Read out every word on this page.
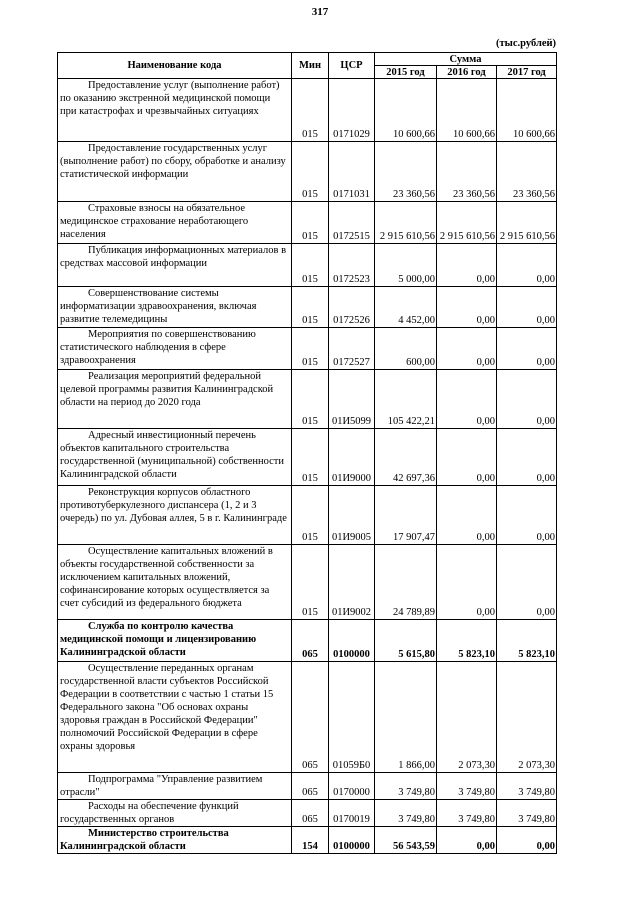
317
(тыс.рублей)
Наименование кода	Мин	ЦСР	Сумма		
			2015 год	2016 год	2017 год
Предоставление услуг (выполнение работ) по оказанию экстренной медицинской помощи при катастрофах и чрезвычайных ситуациях	015	0171029	10 600,66	10 600,66	10 600,66
Предоставление государственных услуг (выполнение работ) по сбору, обработке и анализу статистической информации	015	0171031	23 360,56	23 360,56	23 360,56
Страховые взносы на обязательное медицинское страхование неработающего населения	015	0172515	2 915 610,56	2 915 610,56	2 915 610,56
Публикация информационных материалов в средствах массовой информации	015	0172523	5 000,00	0,00	0,00
Совершенствование системы информатизации здравоохранения, включая развитие телемедицины	015	0172526	4 452,00	0,00	0,00
Мероприятия по совершенствованию статистического наблюдения в сфере здравоохранения	015	0172527	600,00	0,00	0,00
Реализация мероприятий федеральной целевой программы развития Калининградской области на период до 2020 года	015	01И5099	105 422,21	0,00	0,00
Адресный инвестиционный перечень объектов капитального строительства государственной (муниципальной) собственности Калининградской области	015	01И9000	42 697,36	0,00	0,00
Реконструкция корпусов областного противотуберкулезного диспансера (1, 2 и 3 очередь) по ул. Дубовая аллея, 5 в г. Калининграде	015	01И9005	17 907,47	0,00	0,00
Осуществление капитальных вложений в объекты государственной собственности за исключением капитальных вложений, софинансирование которых осуществляется за счет субсидий из федерального бюджета	015	01И9002	24 789,89	0,00	0,00
Служба по контролю качества медицинской помощи и лицензированию Калининградской области	065	0100000	5 615,80	5 823,10	5 823,10
Осуществление переданных органам государственной власти субъектов Российской Федерации в соответствии с частью 1 статьи 15 Федерального закона "Об основах охраны здоровья граждан в Российской Федерации" полномочий Российской Федерации в сфере охраны здоровья	065	01059Б0	1 866,00	2 073,30	2 073,30
Подпрограмма "Управление развитием отрасли"	065	0170000	3 749,80	3 749,80	3 749,80
Расходы на обеспечение функций государственных органов	065	0170019	3 749,80	3 749,80	3 749,80
Министерство строительства Калининградской области	154	0100000	56 543,59	0,00	0,00
